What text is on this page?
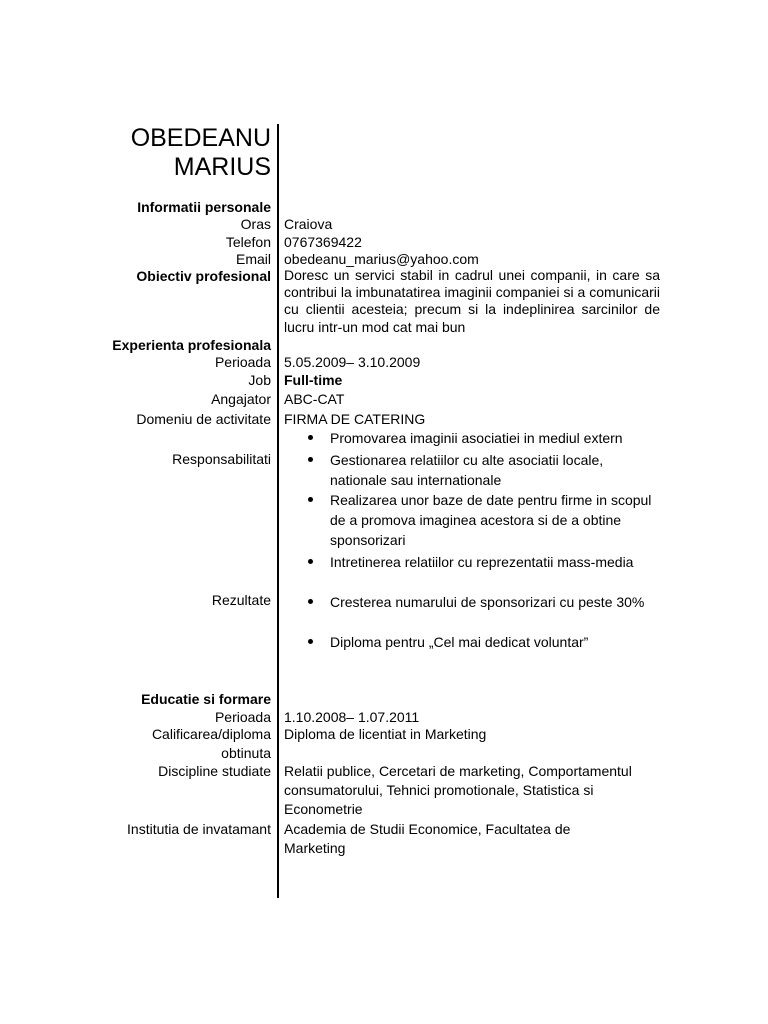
OBEDEANU
MARIUS
Informatii personale
Oras Craiova
Telefon 0767369422
Email obedeanu_marius@yahoo.com
Obiectiv profesional Doresc un servici stabil in cadrul unei companii, in care sa contribui la imbunatatirea imaginii companiei si a comunicarii cu clientii acesteia; precum si la indeplinirea sarcinilor de lucru intr-un mod cat mai bun
Experienta profesionala
Perioada 5.05.2009– 3.10.2009
Job Full-time
Angajator ABC-CAT
Domeniu de activitate FIRMA DE CATERING
Promovarea imaginii asociatiei in mediul extern
Responsabilitati	Gestionarea relatiilor cu alte asociatii locale, nationale sau internationale
Realizarea unor baze de date pentru firme in scopul de a promova imaginea acestora si de a obtine sponsorizari
Intretinerea relatiilor cu reprezentatii mass-media
Rezultate	Cresterea numarului de sponsorizari cu peste 30%
Diploma pentru „Cel mai dedicat voluntar”
Educatie si formare
Perioada 1.10.2008– 1.07.2011
Calificarea/diploma obtinuta
Diploma de licentiat in Marketing
Discipline studiate Relatii publice, Cercetari de marketing, Comportamentul consumatorului, Tehnici promotionale, Statistica si Econometrie
Institutia de invatamant Academia de Studii Economice, Facultatea de Marketing
